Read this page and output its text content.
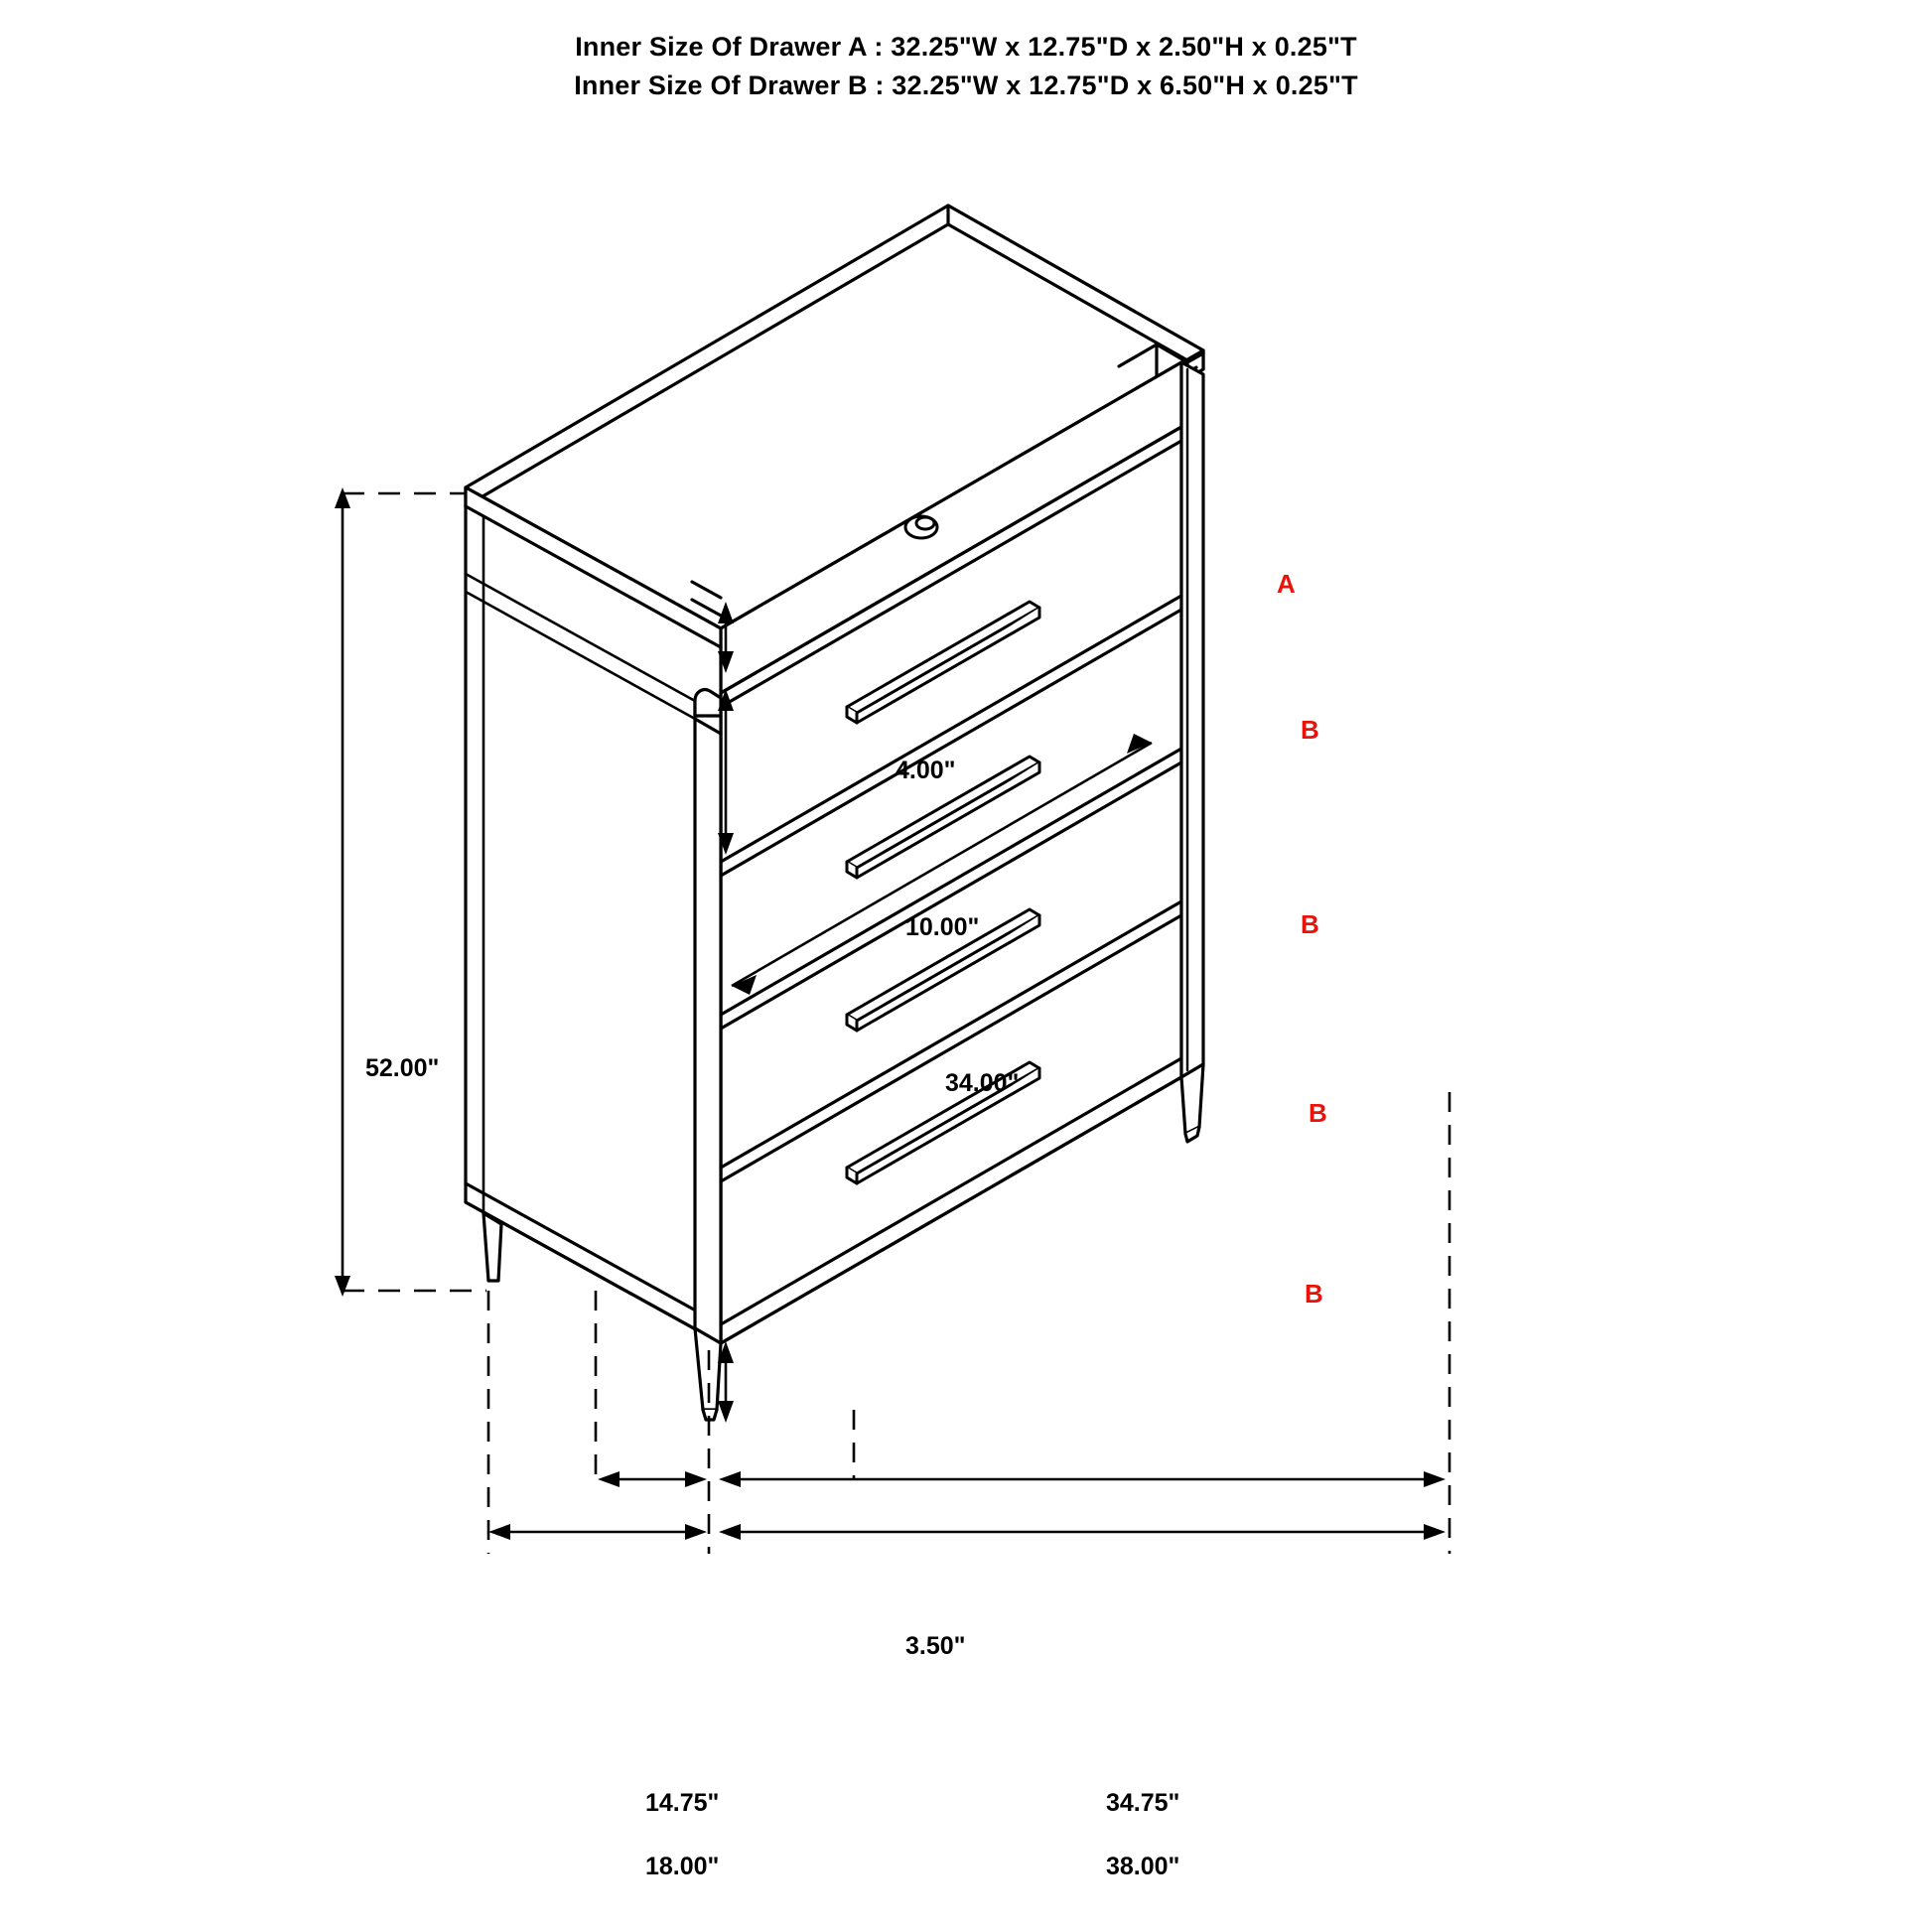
Inner Size Of Drawer A : 32.25"W x 12.75"D x 2.50"H x 0.25"T
Inner Size Of Drawer B : 32.25"W x 12.75"D x 6.50"H x 0.25"T
A
B
B
B
B
4.00"
10.00"
52.00"
34.00"
3.50"
14.75"	34.75"
18.00"	38.00"
